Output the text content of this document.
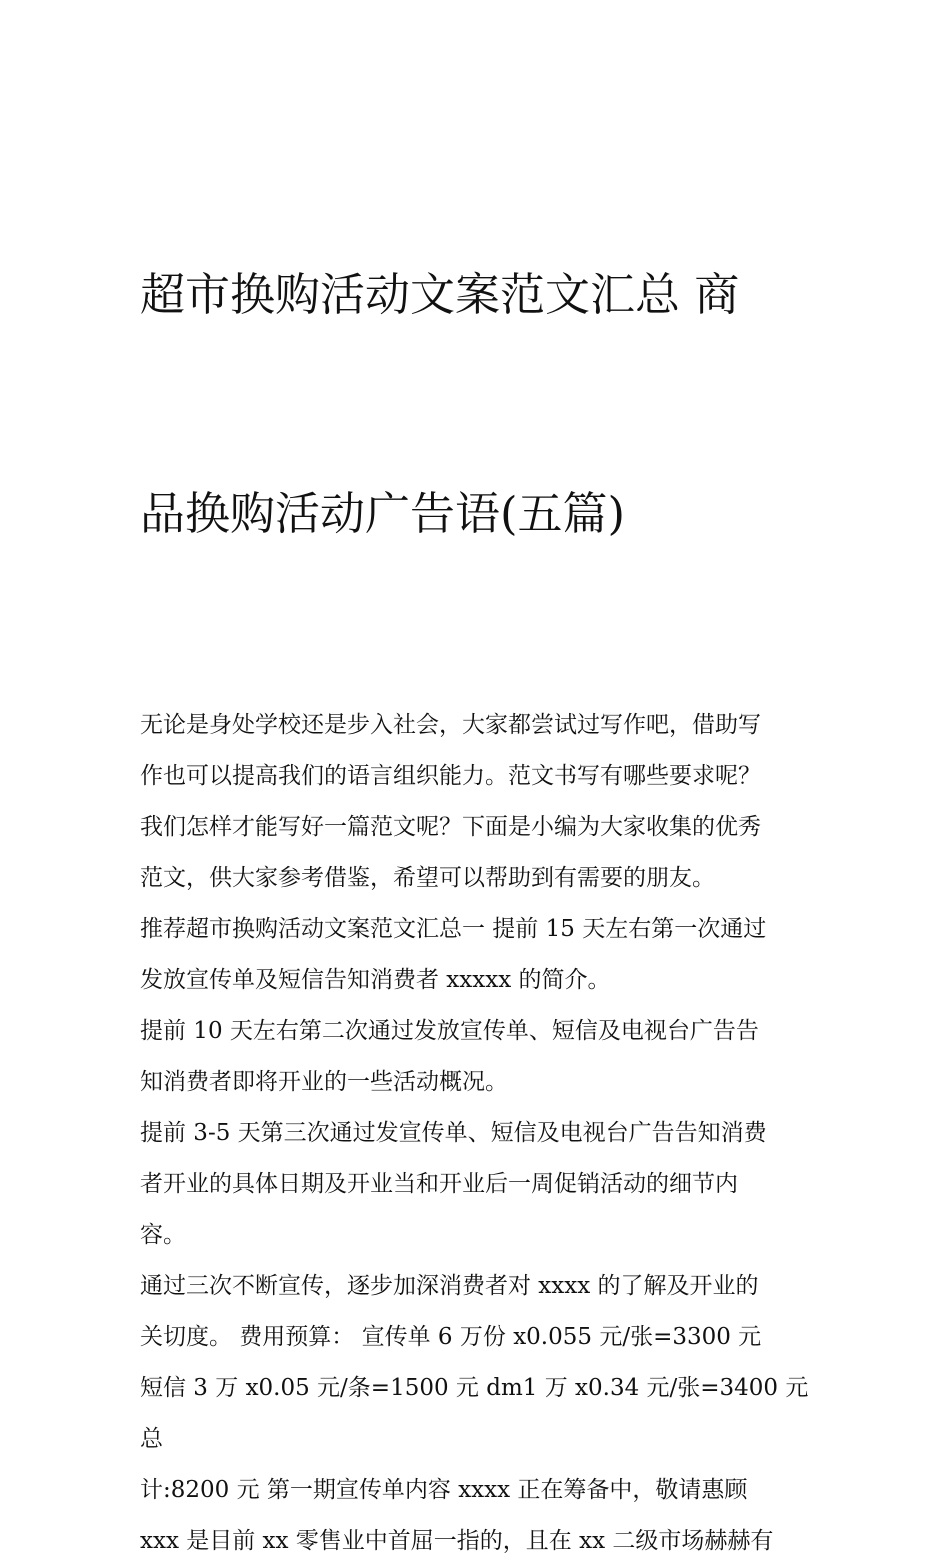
超市换购活动文案范文汇总 商

品换购活动广告语(五篇)

无论是身处学校还是步入社会，大家都尝试过写作吧，借助写
作也可以提高我们的语言组织能力。范文书写有哪些要求呢？
我们怎样才能写好一篇范文呢？下面是小编为大家收集的优秀
范文，供大家参考借鉴，希望可以帮助到有需要的朋友。
推荐超市换购活动文案范文汇总一 提前 15 天左右第一次通过
发放宣传单及短信告知消费者 xxxxx 的简介。
提前 10 天左右第二次通过发放宣传单、短信及电视台广告告
知消费者即将开业的一些活动概况。
提前 3-5 天第三次通过发宣传单、短信及电视台广告告知消费
者开业的具体日期及开业当和开业后一周促销活动的细节内
容。
通过三次不断宣传，逐步加深消费者对 xxxx 的了解及开业的
关切度。 费用预算： 宣传单 6 万份 x0.055 元/张=3300 元
短信 3 万 x0.05 元/条=1500 元 dm1 万 x0.34 元/张=3400 元 总
计:8200 元 第一期宣传单内容 xxxx 正在筹备中，敬请惠顾
xxx 是目前 xx 零售业中首屈一指的，且在 xx 二级市场赫赫有
